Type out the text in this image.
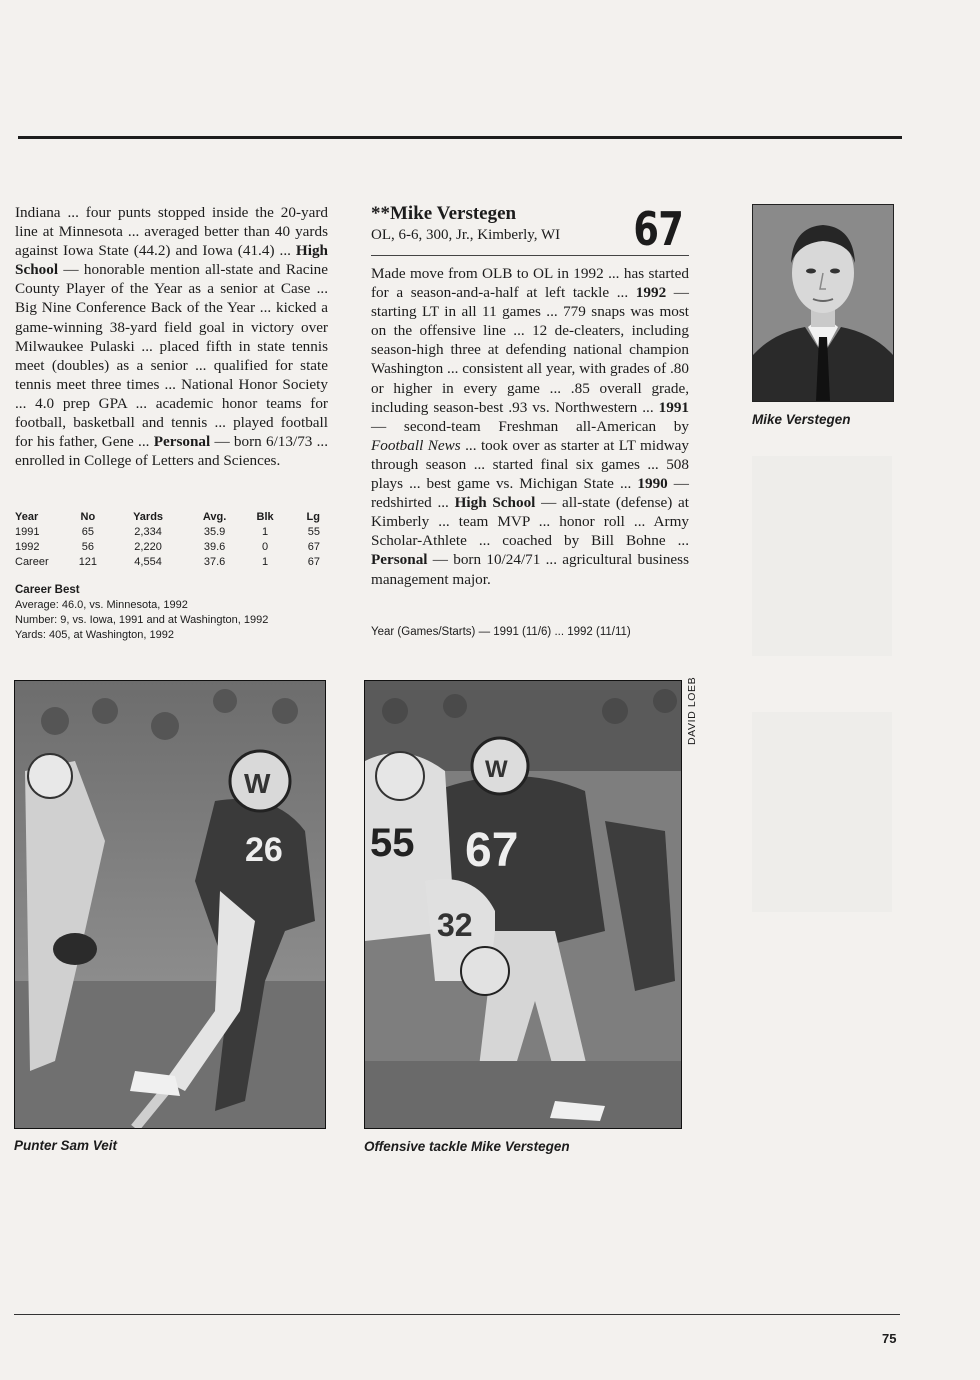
Indiana ... four punts stopped inside the 20-yard line at Minnesota ... averaged better than 40 yards against Iowa State (44.2) and Iowa (41.4) ... High School — honorable mention all-state and Racine County Player of the Year as a senior at Case ... Big Nine Conference Back of the Year ... kicked a game-winning 38-yard field goal in victory over Milwaukee Pulaski ... placed fifth in state tennis meet (doubles) as a senior ... qualified for state tennis meet three times ... National Honor Society ... 4.0 prep GPA ... academic honor teams for football, basketball and tennis ... played football for his father, Gene ... Personal — born 6/13/73 ... enrolled in College of Letters and Sciences.

Year	No	Yards	Avg.	Blk	Lg
1991	65	2,334	35.9	1	55
1992	56	2,220	39.6	0	67
Career	121	4,554	37.6	1	67
Career Best
Average: 46.0, vs. Minnesota, 1992
Number: 9, vs. Iowa, 1991 and at Washington, 1992
Yards: 405, at Washington, 1992
**Mike Verstegen
OL, 6-6, 300, Jr., Kimberly, WI 67

Made move from OLB to OL in 1992 ... has started for a season-and-a-half at left tackle ... 1992 — starting LT in all 11 games ... 779 snaps was most on the offensive line ... 12 de-cleaters, including season-high three at defending national champion Washington ... consistent all year, with grades of .80 or higher in every game ... .85 overall grade, including season-best .93 vs. Northwestern ... 1991 — second-team Freshman all-American by Football News ... took over as starter at LT midway through season ... started final six games ... 508 plays ... best game vs. Michigan State ... 1990 — redshirted ... High School — all-state (defense) at Kimberly ... team MVP ... honor roll ... Army Scholar-Athlete ... coached by Bill Bohne ... Personal — born 10/24/71 ... agricultural business management major.

Year (Games/Starts) — 1991 (11/6) ... 1992 (11/11)
Mike Verstegen
W
26
Punter Sam Veit
W
67
55
32
Offensive tackle Mike Verstegen
DAVID LOEB
75
